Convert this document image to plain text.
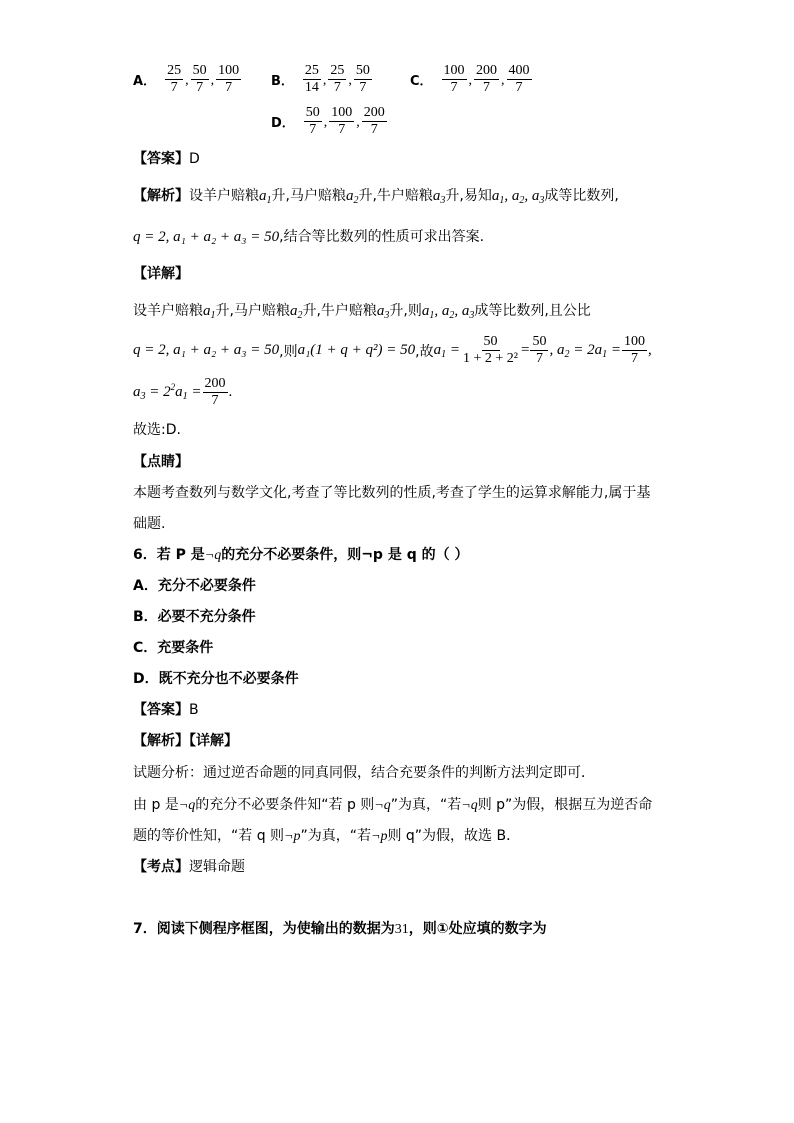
A． $\frac{25}{7}$ , $\frac{50}{7}$ , $\frac{100}{7}$ B． $\frac{25}{14}$ , $\frac{25}{7}$ , $\frac{50}{7}$	C． $\frac{100}{7}$ , $\frac{200}{7}$ , $\frac{400}{7}$
D． $\frac{50}{7}$ , $\frac{100}{7}$ , $\frac{200}{7}$
【答案】D
【解析】设羊户赔粮$a_1$升,马户赔粮$a_2$升,牛户赔粮$a_3$升,易知$a_1$, $a_2$, $a_3$成等比数列,
q = 2, a₁ + a₂ + a₃ = 50,结合等比数列的性质可求出答案.
【详解】
设羊户赔粮$a_1$升,马户赔粮$a_2$升,牛户赔粮$a_3$升,则$a_1$, $a_2$, $a_3$成等比数列,且公比
q = 2, a₁ + a₂ + a₃ = 50 ,则 a₁(1 + q + q²) = 50 ,故 $a_1 = \frac{50}{\text{1 + 2 + 2²}} = \frac{50}{7}$ , $a_2 = 2a_1 = \frac{100}{7}$ ,
$a_3 = 2^2a_1 = \frac{200}{7}$ .
故选:D.
【点睛】
本题考查数列与数学文化,考查了等比数列的性质,考查了学生的运算求解能力,属于基
础题.
6．若 P 是¬q的充分不必要条件，则¬p 是 q 的（ ）
A．充分不必要条件
B．必要不充分条件
C．充要条件
D．既不充分也不必要条件
【答案】B
【解析】【详解】
试题分析：通过逆否命题的同真同假，结合充要条件的判断方法判定即可．
由 p 是¬q的充分不必要条件知“若 p 则¬q”为真，“若¬q则 p”为假，根据互为逆否命
题的等价性知，“若 q 则¬p”为真，“若¬p则 q”为假，故选 B．
【考点】逻辑命题
7．阅读下侧程序框图，为使输出的数据为31，则①处应填的数字为
